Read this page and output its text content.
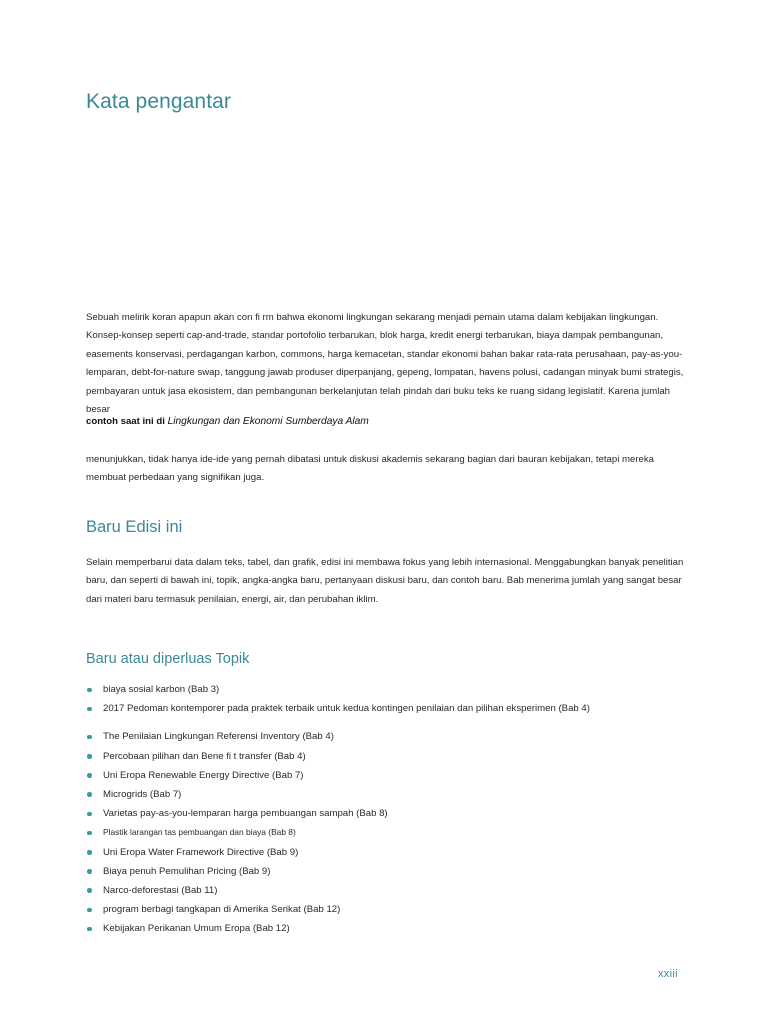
Kata pengantar

Sebuah melirik koran apapun akan con fi rm bahwa ekonomi lingkungan sekarang menjadi pemain utama dalam kebijakan lingkungan. Konsep-konsep seperti cap-and-trade, standar portofolio terbarukan, blok harga, kredit energi terbarukan, biaya dampak pembangunan, easements konservasi, perdagangan karbon, commons, harga kemacetan, standar ekonomi bahan bakar rata-rata perusahaan, pay-as-you-lemparan, debt-for-nature swap, tanggung jawab produser diperpanjang, gepeng, lompatan, havens polusi, cadangan minyak bumi strategis, pembayaran untuk jasa ekosistem, dan pembangunan berkelanjutan telah pindah dari buku teks ke ruang sidang legislatif. Karena jumlah besar

contoh saat ini di Lingkungan dan Ekonomi Sumberdaya Alam

menunjukkan, tidak hanya ide-ide yang pernah dibatasi untuk diskusi akademis sekarang bagian dari bauran kebijakan, tetapi mereka membuat perbedaan yang signifikan juga.

Baru Edisi ini

Selain memperbarui data dalam teks, tabel, dan grafik, edisi ini membawa fokus yang lebih internasional. Menggabungkan banyak penelitian baru, dan seperti di bawah ini, topik, angka-angka baru, pertanyaan diskusi baru, dan contoh baru. Bab menerima jumlah yang sangat besar dari materi baru termasuk penilaian, energi, air, dan perubahan iklim.

Baru atau diperluas Topik
biaya sosial karbon (Bab 3)
2017 Pedoman kontemporer pada praktek terbaik untuk kedua kontingen penilaian dan pilihan eksperimen (Bab 4)
The Penilaian Lingkungan Referensi Inventory (Bab 4)
Percobaan pilihan dan Bene fi t transfer (Bab 4)
Uni Eropa Renewable Energy Directive (Bab 7)
Microgrids (Bab 7)
Varietas pay-as-you-lemparan harga pembuangan sampah (Bab 8)
Plastik larangan tas pembuangan dan biaya (Bab 8)
Uni Eropa Water Framework Directive (Bab 9)
Biaya penuh Pemulihan Pricing (Bab 9)
Narco-deforestasi (Bab 11)
program berbagi tangkapan di Amerika Serikat (Bab 12)
Kebijakan Perikanan Umum Eropa (Bab 12)
xxiii
